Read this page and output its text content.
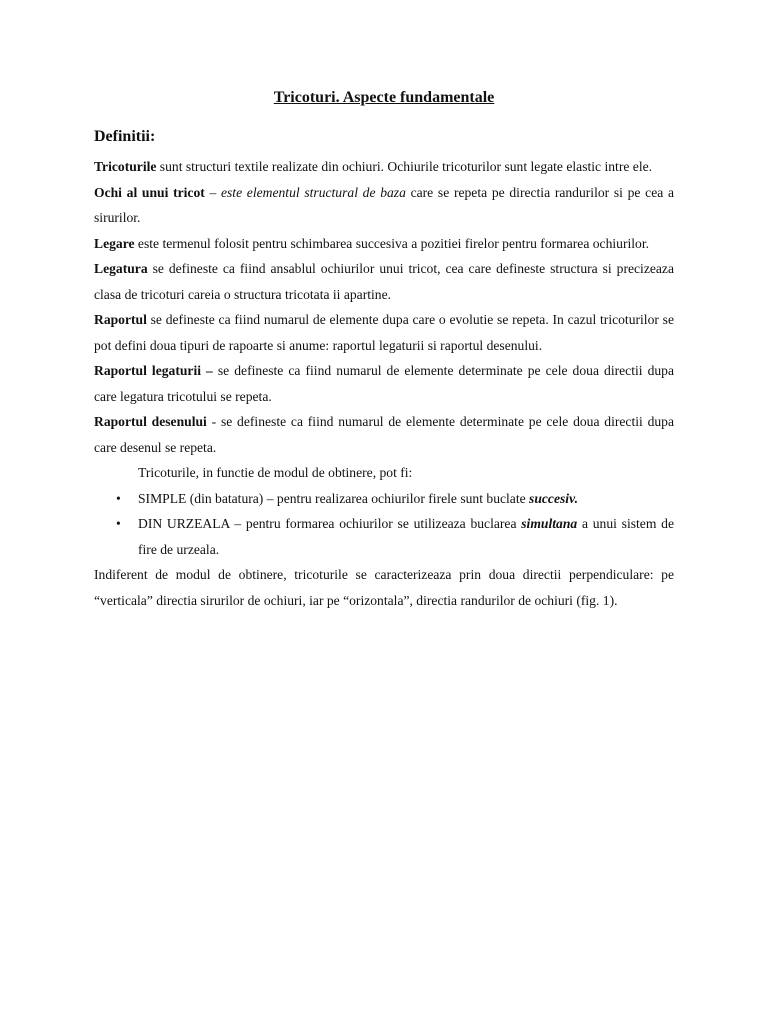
Tricoturi. Aspecte fundamentale

Definitii:

Tricoturile sunt structuri textile realizate din ochiuri. Ochiurile tricoturilor sunt legate elastic intre ele.

Ochi al unui tricot – este elementul structural de baza care se repeta pe directia randurilor si pe cea a sirurilor.

Legare este termenul folosit pentru schimbarea succesiva a pozitiei firelor pentru formarea ochiurilor.

Legatura se defineste ca fiind ansablul ochiurilor unui tricot, cea care defineste structura si precizeaza clasa de tricoturi careia o structura tricotata ii apartine.

Raportul se defineste ca fiind numarul de elemente dupa care o evolutie se repeta. In cazul tricoturilor se pot defini doua tipuri de rapoarte si anume: raportul legaturii si raportul desenului.

Raportul legaturii – se defineste ca fiind numarul de elemente determinate pe cele doua directii dupa care legatura tricotului se repeta.

Raportul desenului - se defineste ca fiind numarul de elemente determinate pe cele doua directii dupa care desenul se repeta.

Tricoturile, in functie de modul de obtinere, pot fi:

• SIMPLE (din batatura) – pentru realizarea ochiurilor firele sunt buclate succesiv.
• DIN URZEALA – pentru formarea ochiurilor se utilizeaza buclarea simultana a unui sistem de fire de urzeala.

Indiferent de modul de obtinere, tricoturile se caracterizeaza prin doua directii perpendiculare: pe “verticala” directia sirurilor de ochiuri, iar pe “orizontala”, directia randurilor de ochiuri (fig. 1).
